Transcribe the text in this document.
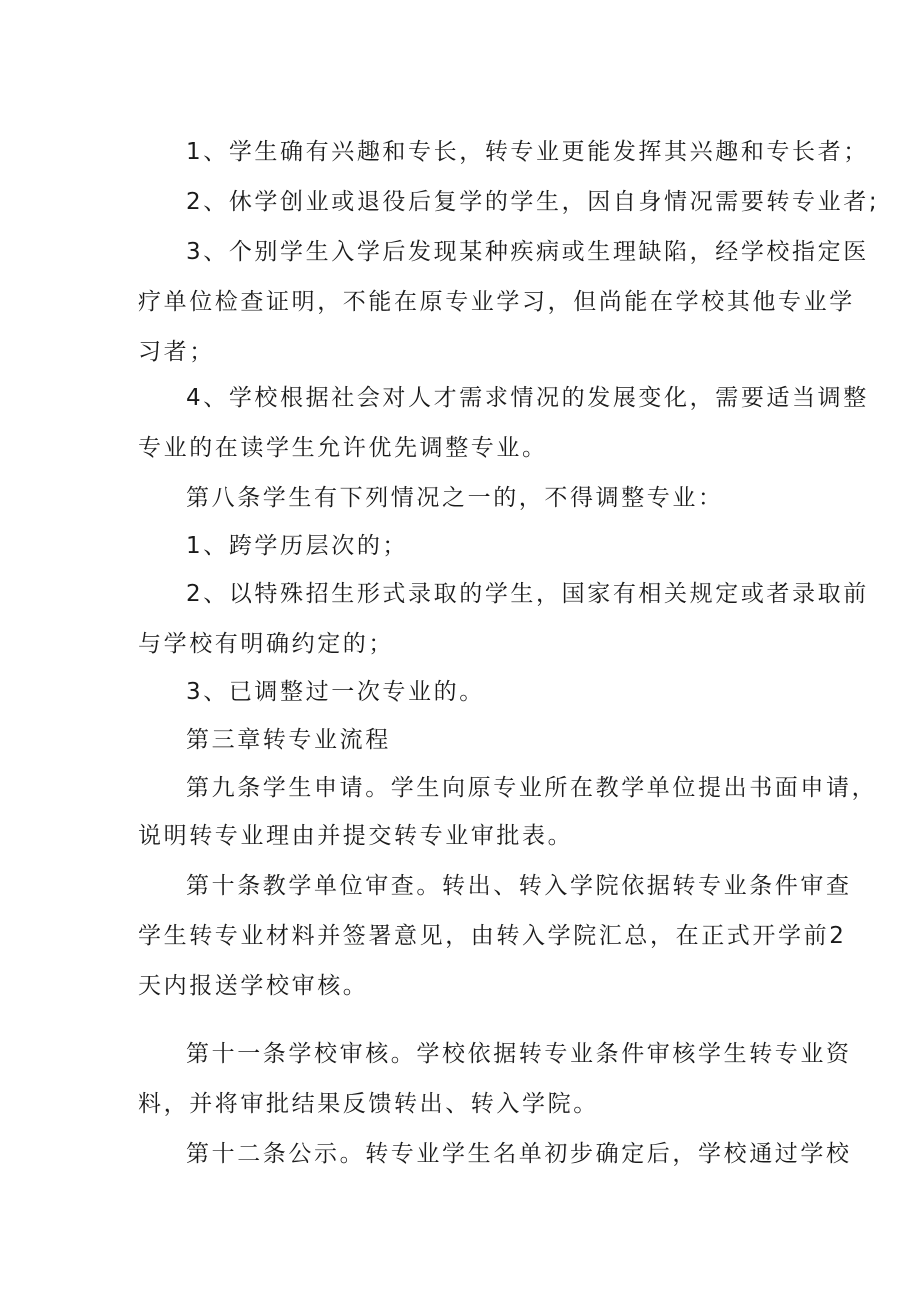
1、学生确有兴趣和专长，转专业更能发挥其兴趣和专长者；
2、休学创业或退役后复学的学生，因自身情况需要转专业者;
3、个别学生入学后发现某种疾病或生理缺陷，经学校指定医
疗单位检查证明，不能在原专业学习，但尚能在学校其他专业学
习者；
4、学校根据社会对人才需求情况的发展变化，需要适当调整
专业的在读学生允许优先调整专业。
第八条学生有下列情况之一的，不得调整专业：
1、跨学历层次的；
2、以特殊招生形式录取的学生，国家有相关规定或者录取前
与学校有明确约定的；
3、已调整过一次专业的。
第三章转专业流程
第九条学生申请。学生向原专业所在教学单位提出书面申请，
说明转专业理由并提交转专业审批表。
第十条教学单位审查。转出、转入学院依据转专业条件审查
学生转专业材料并签署意见，由转入学院汇总，在正式开学前2
天内报送学校审核。
第十一条学校审核。学校依据转专业条件审核学生转专业资
料，并将审批结果反馈转出、转入学院。
第十二条公示。转专业学生名单初步确定后，学校通过学校
